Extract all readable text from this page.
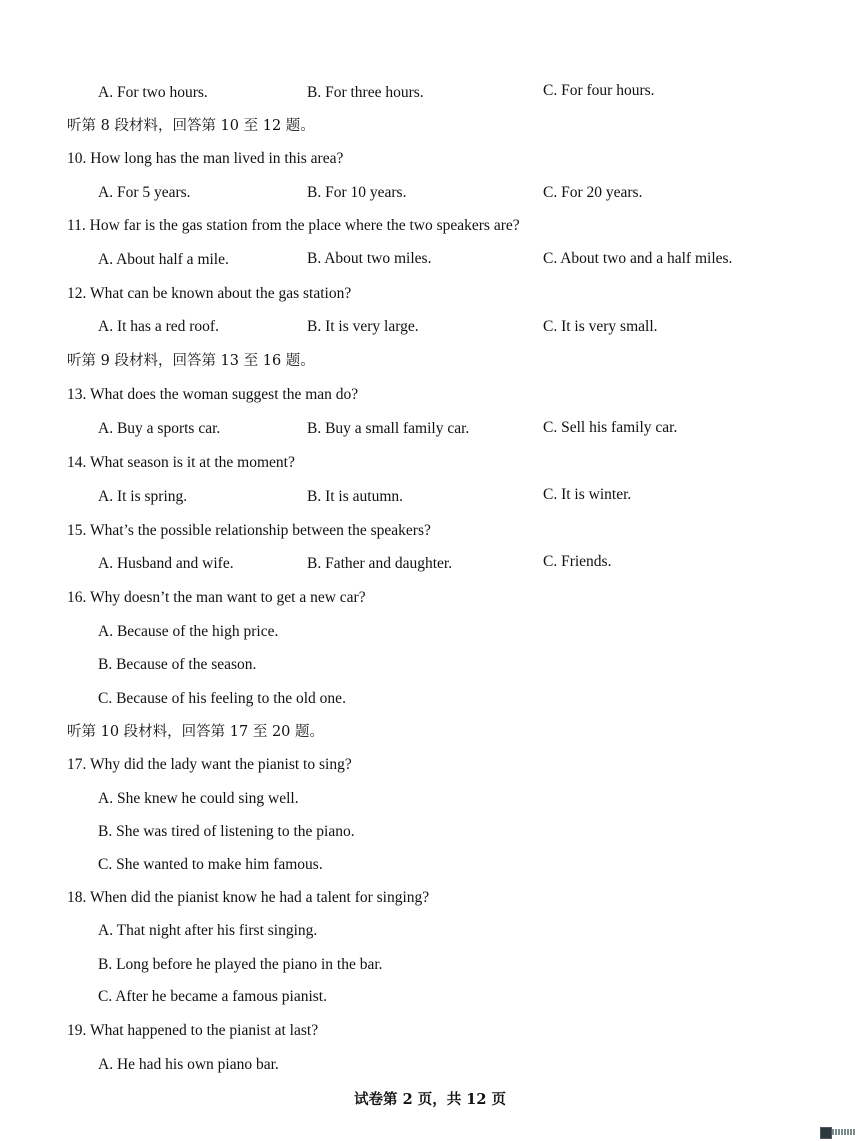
A. For two hours.	B. For three hours.	C. For four hours.
听第 8 段材料，回答第 10 至 12 题。
10. How long has the man lived in this area?
A. For 5 years.	B. For 10 years.	C. For 20 years.
11. How far is the gas station from the place where the two speakers are?
A. About half a mile.	B. About two miles.	C. About two and a half miles.
12. What can be known about the gas station?
A. It has a red roof.	B. It is very large.	C. It is very small.
听第 9 段材料，回答第 13 至 16 题。
13. What does the woman suggest the man do?
A. Buy a sports car.	B. Buy a small family car.	C. Sell his family car.
14. What season is it at the moment?
A. It is spring.	B. It is autumn.	C. It is winter.
15. What’s the possible relationship between the speakers?
A. Husband and wife.	B. Father and daughter.	C. Friends.
16. Why doesn’t the man want to get a new car?
A. Because of the high price.
B. Because of the season.
C. Because of his feeling to the old one.
听第 10 段材料，回答第 17 至 20 题。
17. Why did the lady want the pianist to sing?
A. She knew he could sing well.
B. She was tired of listening to the piano.
C. She wanted to make him famous.
18. When did the pianist know he had a talent for singing?
A. That night after his first singing.
B. Long before he played the piano in the bar.
C. After he became a famous pianist.
19. What happened to the pianist at last?
A. He had his own piano bar.
试卷第 2 页，共 12 页
